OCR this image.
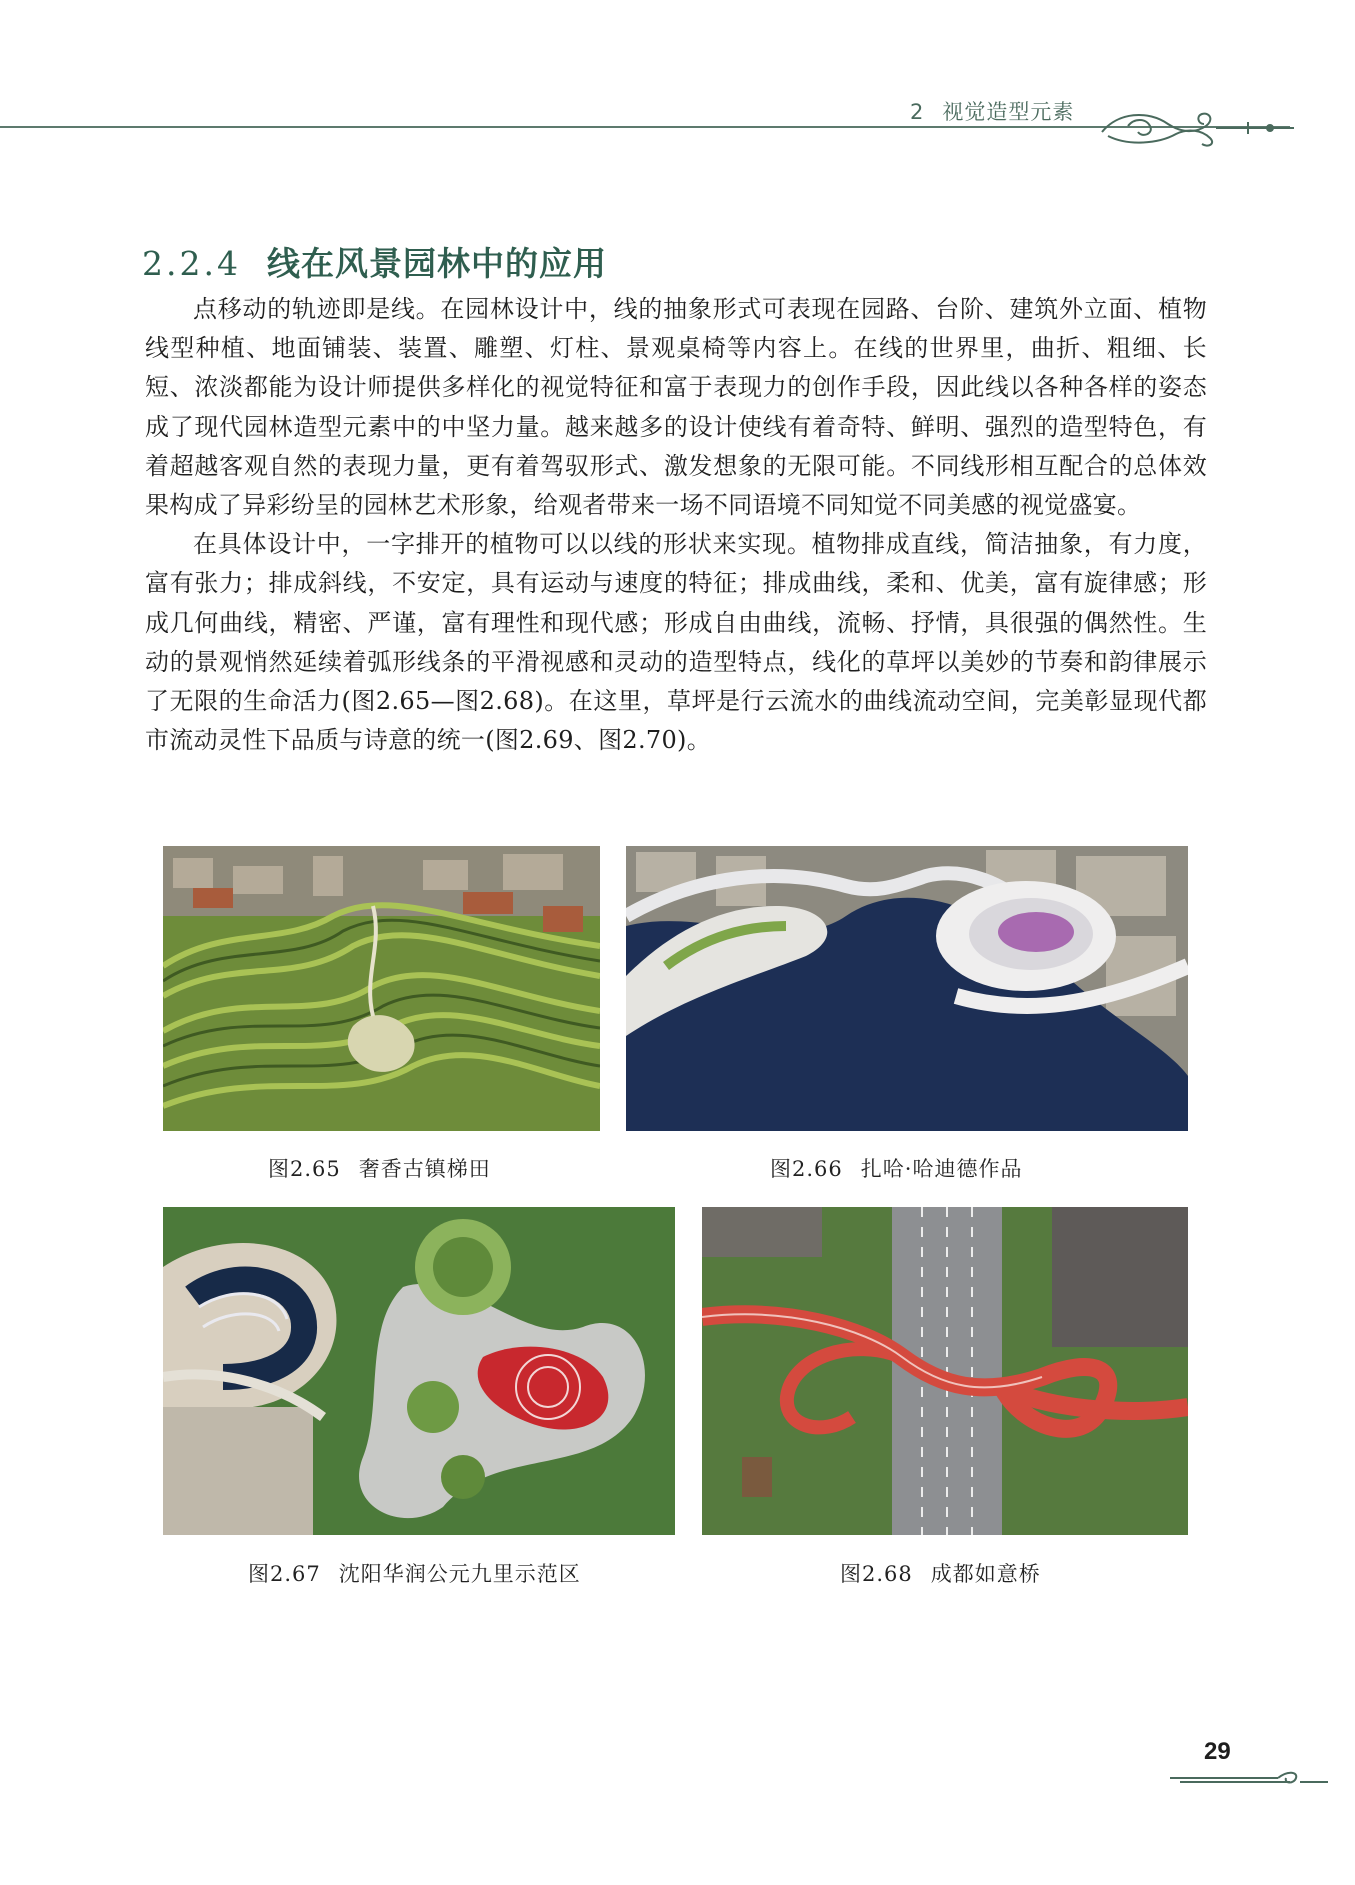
2 视觉造型元素
2.2.4 线在风景园林中的应用

点移动的轨迹即是线。在园林设计中，线的抽象形式可表现在园路、台阶、建筑外立面、植物线型种植、地面铺装、装置、雕塑、灯柱、景观桌椅等内容上。在线的世界里，曲折、粗细、长短、浓淡都能为设计师提供多样化的视觉特征和富于表现力的创作手段，因此线以各种各样的姿态成了现代园林造型元素中的中坚力量。越来越多的设计使线有着奇特、鲜明、强烈的造型特色，有着超越客观自然的表现力量，更有着驾驭形式、激发想象的无限可能。不同线形相互配合的总体效果构成了异彩纷呈的园林艺术形象，给观者带来一场不同语境不同知觉不同美感的视觉盛宴。

在具体设计中，一字排开的植物可以以线的形状来实现。植物排成直线，简洁抽象，有力度，富有张力；排成斜线，不安定，具有运动与速度的特征；排成曲线，柔和、优美，富有旋律感；形成几何曲线，精密、严谨，富有理性和现代感；形成自由曲线，流畅、抒情，具很强的偶然性。生动的景观悄然延续着弧形线条的平滑视感和灵动的造型特点，线化的草坪以美妙的节奏和韵律展示了无限的生命活力(图2.65—图2.68)。在这里，草坪是行云流水的曲线流动空间，完美彰显现代都市流动灵性下品质与诗意的统一(图2.69、图2.70)。

图2.65 奢香古镇梯田	图2.66 扎哈·哈迪德作品
图2.67 沈阳华润公元九里示范区	图2.68 成都如意桥
29
